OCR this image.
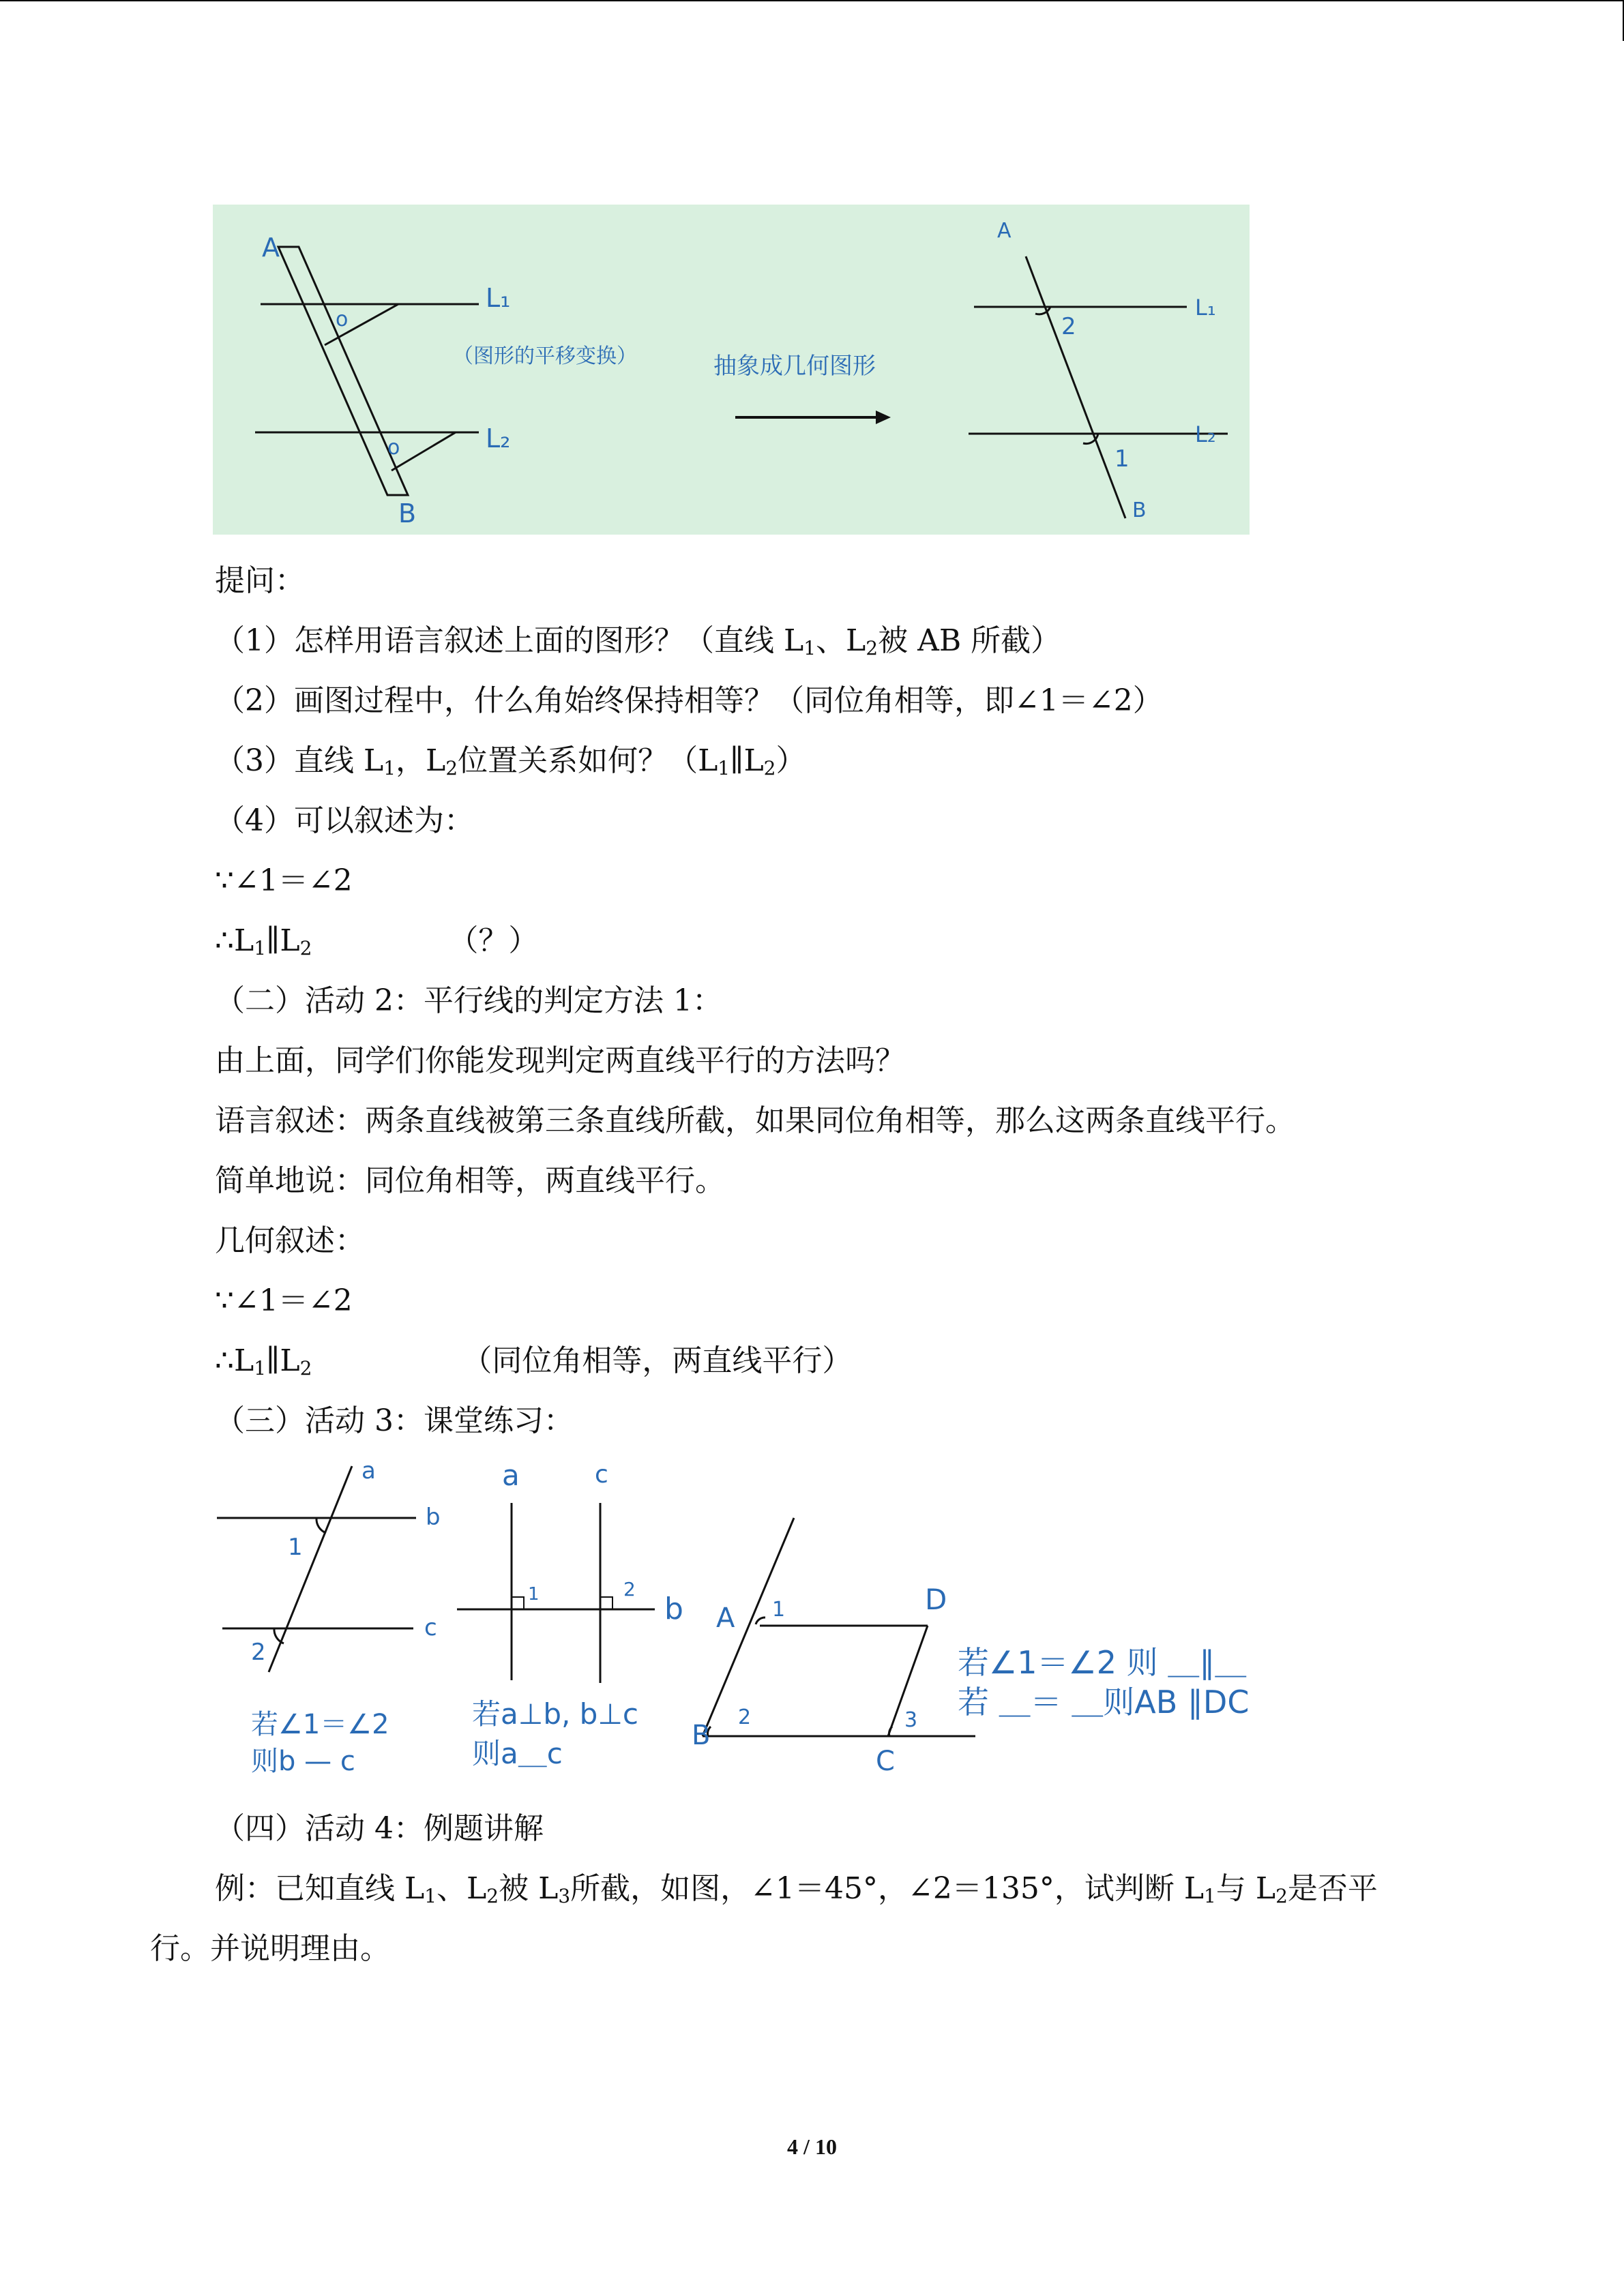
A
B
L₁
L₂
o
o
（图形的平移变换）	抽象成几何图形
A
B
L₁
L₂
2
1
提问：
（1）怎样用语言叙述上面的图形？（直线 $L_1$、$L_2$被 AB 所截）
（2）画图过程中，什么角始终保持相等？（同位角相等，即∠1＝∠2）
（3）直线 $L_1$，$L_2$位置关系如何？$(L_1\parallel L_2)$
（4）可以叙述为：
∵∠1＝∠2
$\therefore L_1\parallel L_2$	（？）
（二）活动 2：平行线的判定方法 1：
由上面，同学们你能发现判定两直线平行的方法吗？
语言叙述：两条直线被第三条直线所截，如果同位角相等，那么这两条直线平行。
简单地说：同位角相等，两直线平行。
几何叙述：
∵∠1＝∠2
$\therefore L_1\parallel L_2$	（同位角相等，两直线平行）
（三）活动 3：课堂练习：
a
b
c
1
2
若∠1＝∠2
则b — c
a	c
b
1	2
若a⊥b, b⊥c
则a＿c
A
B
C
D
1
2	3
若∠1＝∠2 则 ＿∥＿
若 ＿＝ ＿则AB ∥DC
（四）活动 4：例题讲解
例：已知直线 $L_1$、$L_2$被 $L_3$所截，如图，∠1＝45°，∠2＝135°，试判断 $L_1$与 $L_2$是否平
行。并说明理由。
4 / 10
